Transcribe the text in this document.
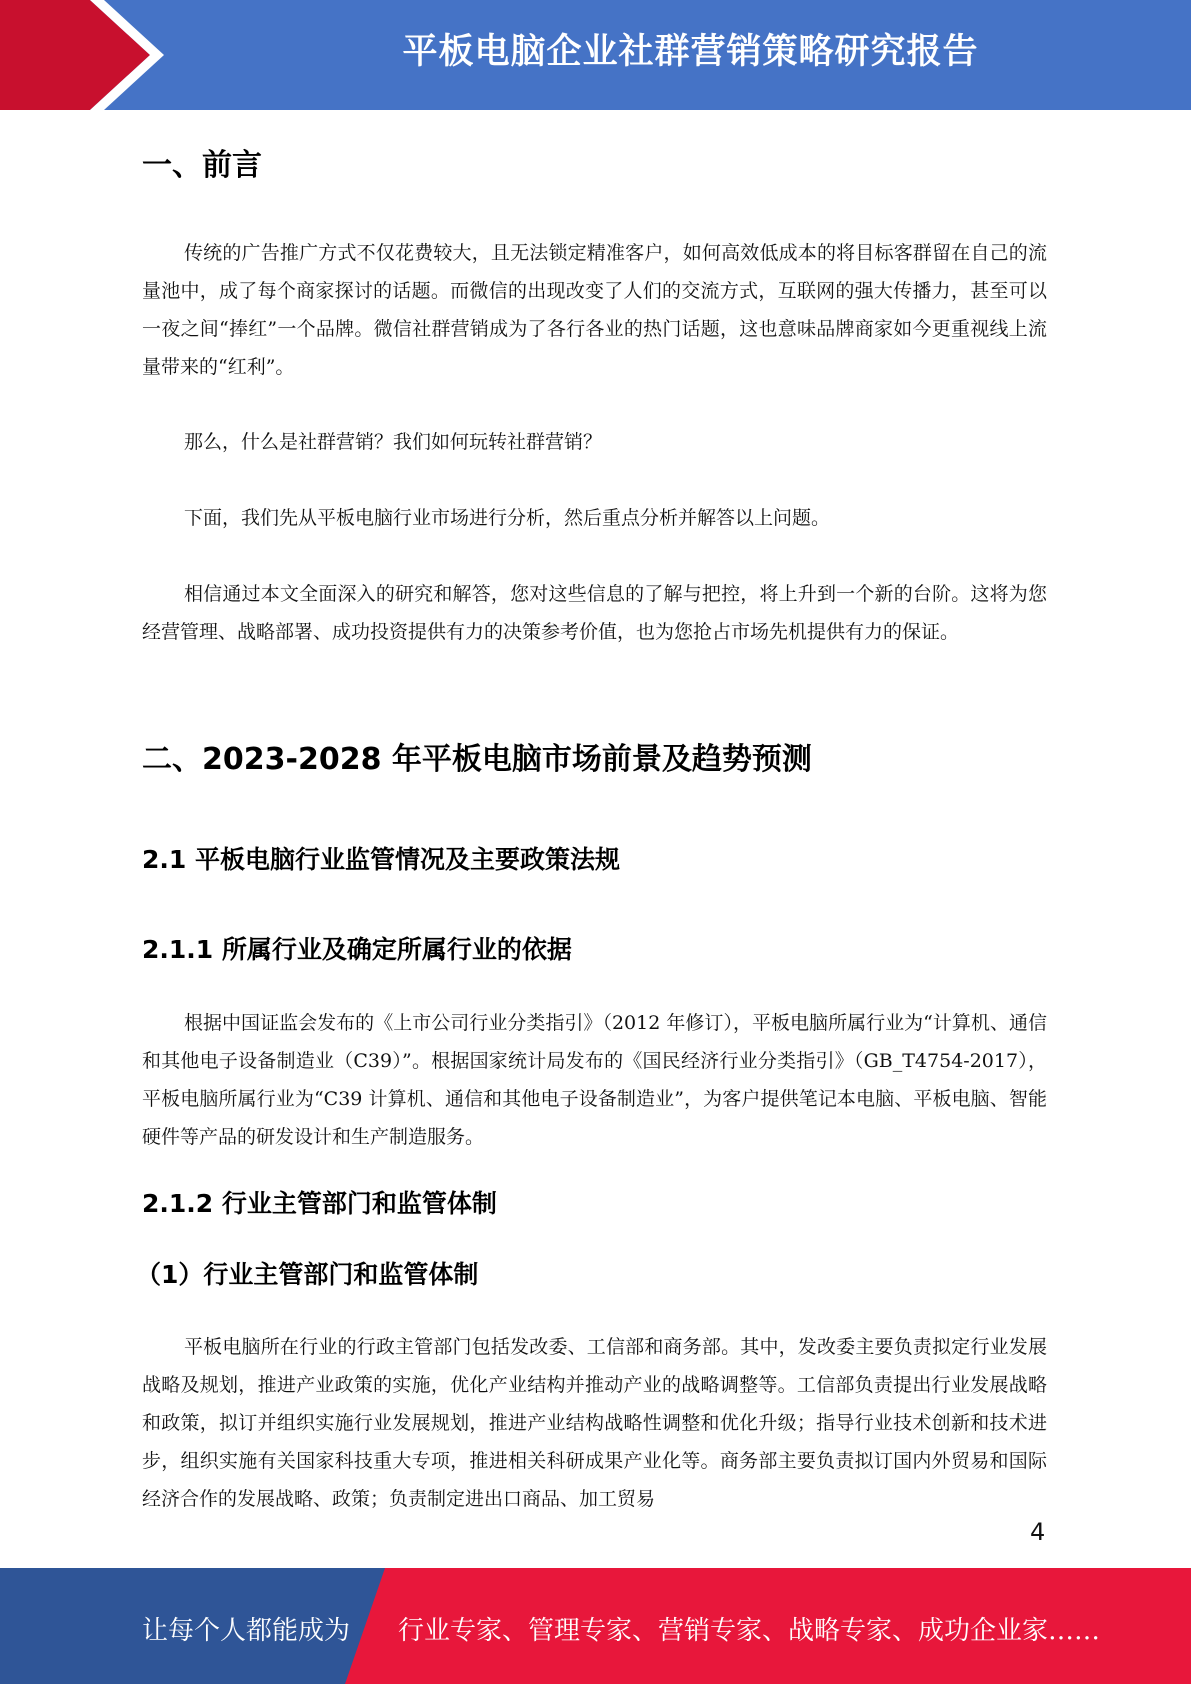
平板电脑企业社群营销策略研究报告
一、前言

传统的广告推广方式不仅花费较大，且无法锁定精准客户，如何高效低成本的将目标客群留在自己的流量池中，成了每个商家探讨的话题。而微信的出现改变了人们的交流方式，互联网的强大传播力，甚至可以一夜之间“捧红”一个品牌。微信社群营销成为了各行各业的热门话题，这也意味品牌商家如今更重视线上流量带来的“红利”。

那么，什么是社群营销？我们如何玩转社群营销？

下面，我们先从平板电脑行业市场进行分析，然后重点分析并解答以上问题。

相信通过本文全面深入的研究和解答，您对这些信息的了解与把控，将上升到一个新的台阶。这将为您经营管理、战略部署、成功投资提供有力的决策参考价值，也为您抢占市场先机提供有力的保证。

二、2023-2028 年平板电脑市场前景及趋势预测
2.1 平板电脑行业监管情况及主要政策法规
2.1.1 所属行业及确定所属行业的依据

根据中国证监会发布的《上市公司行业分类指引》（2012 年修订），平板电脑所属行业为“计算机、通信和其他电子设备制造业（C39）”。根据国家统计局发布的《国民经济行业分类指引》（GB_T4754-2017），平板电脑所属行业为“C39 计算机、通信和其他电子设备制造业”，为客户提供笔记本电脑、平板电脑、智能硬件等产品的研发设计和生产制造服务。

2.1.2 行业主管部门和监管体制
（1）行业主管部门和监管体制

平板电脑所在行业的行政主管部门包括发改委、工信部和商务部。其中，发改委主要负责拟定行业发展战略及规划，推进产业政策的实施，优化产业结构并推动产业的战略调整等。工信部负责提出行业发展战略和政策，拟订并组织实施行业发展规划，推进产业结构战略性调整和优化升级；指导行业技术创新和技术进步，组织实施有关国家科技重大专项，推进相关科研成果产业化等。商务部主要负责拟订国内外贸易和国际经济合作的发展战略、政策；负责制定进出口商品、加工贸易

4
让每个人都能成为 行业专家、管理专家、营销专家、战略专家、成功企业家……
